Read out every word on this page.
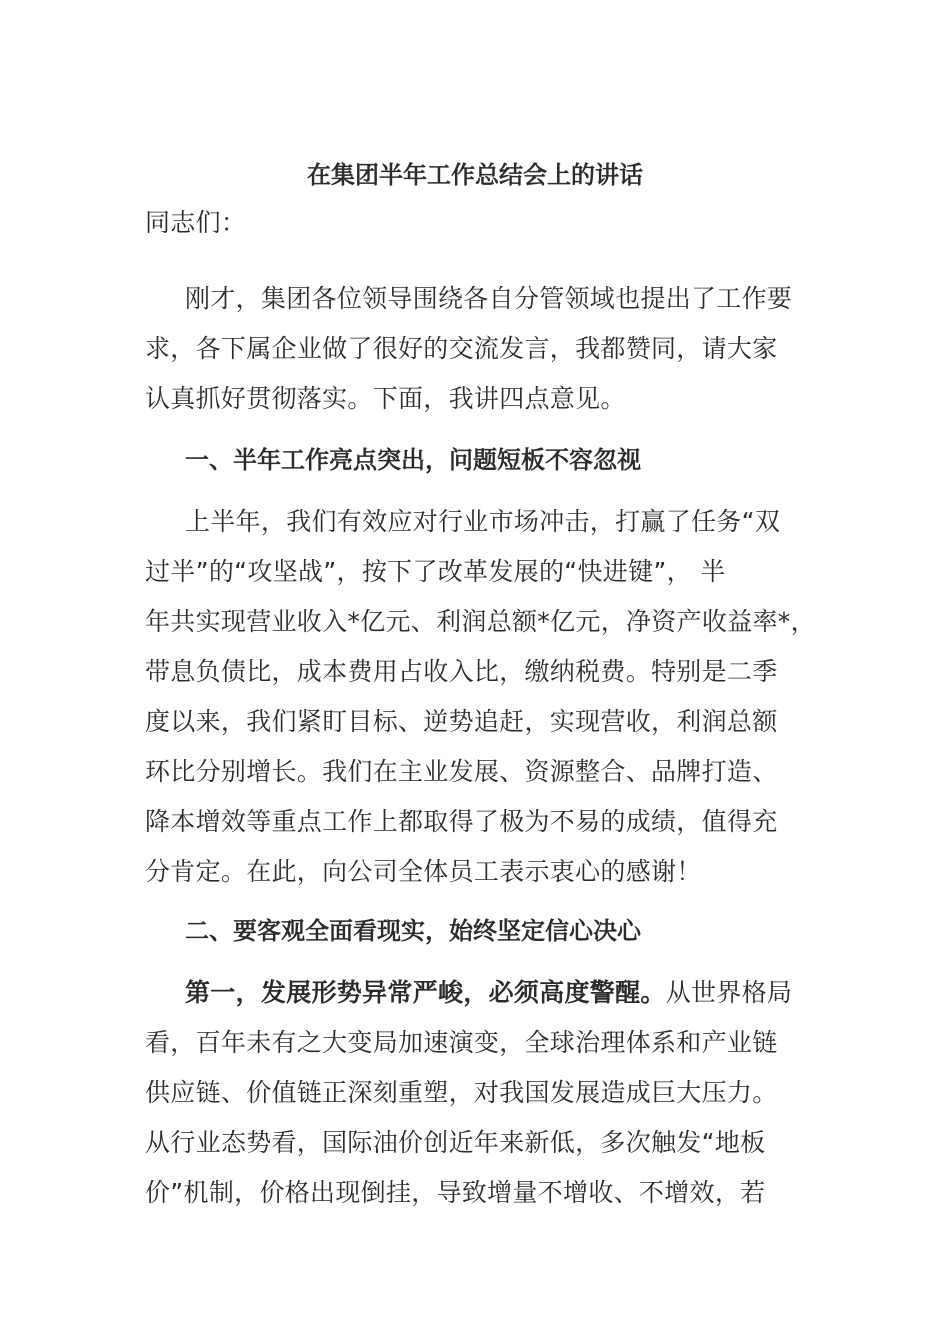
在集团半年工作总结会上的讲话
同志们：
刚才，集团各位领导围绕各自分管领域也提出了工作要
求，各下属企业做了很好的交流发言，我都赞同，请大家
认真抓好贯彻落实。下面，我讲四点意见。
一、半年工作亮点突出，问题短板不容忽视
上半年，我们有效应对行业市场冲击，打赢了任务“双
过半”的“攻坚战”，按下了改革发展的“快进键”， 半
年共实现营业收入*亿元、利润总额*亿元，净资产收益率*，
带息负债比，成本费用占收入比，缴纳税费。特别是二季
度以来，我们紧盯目标、逆势追赶，实现营收，利润总额
环比分别增长。我们在主业发展、资源整合、品牌打造、
降本增效等重点工作上都取得了极为不易的成绩，值得充
分肯定。在此，向公司全体员工表示衷心的感谢！
二、要客观全面看现实，始终坚定信心决心
第一，发展形势异常严峻，必须高度警醒。从世界格局
看，百年未有之大变局加速演变，全球治理体系和产业链
供应链、价值链正深刻重塑，对我国发展造成巨大压力。
从行业态势看，国际油价创近年来新低，多次触发“地板
价”机制，价格出现倒挂，导致增量不增收、不增效，若
